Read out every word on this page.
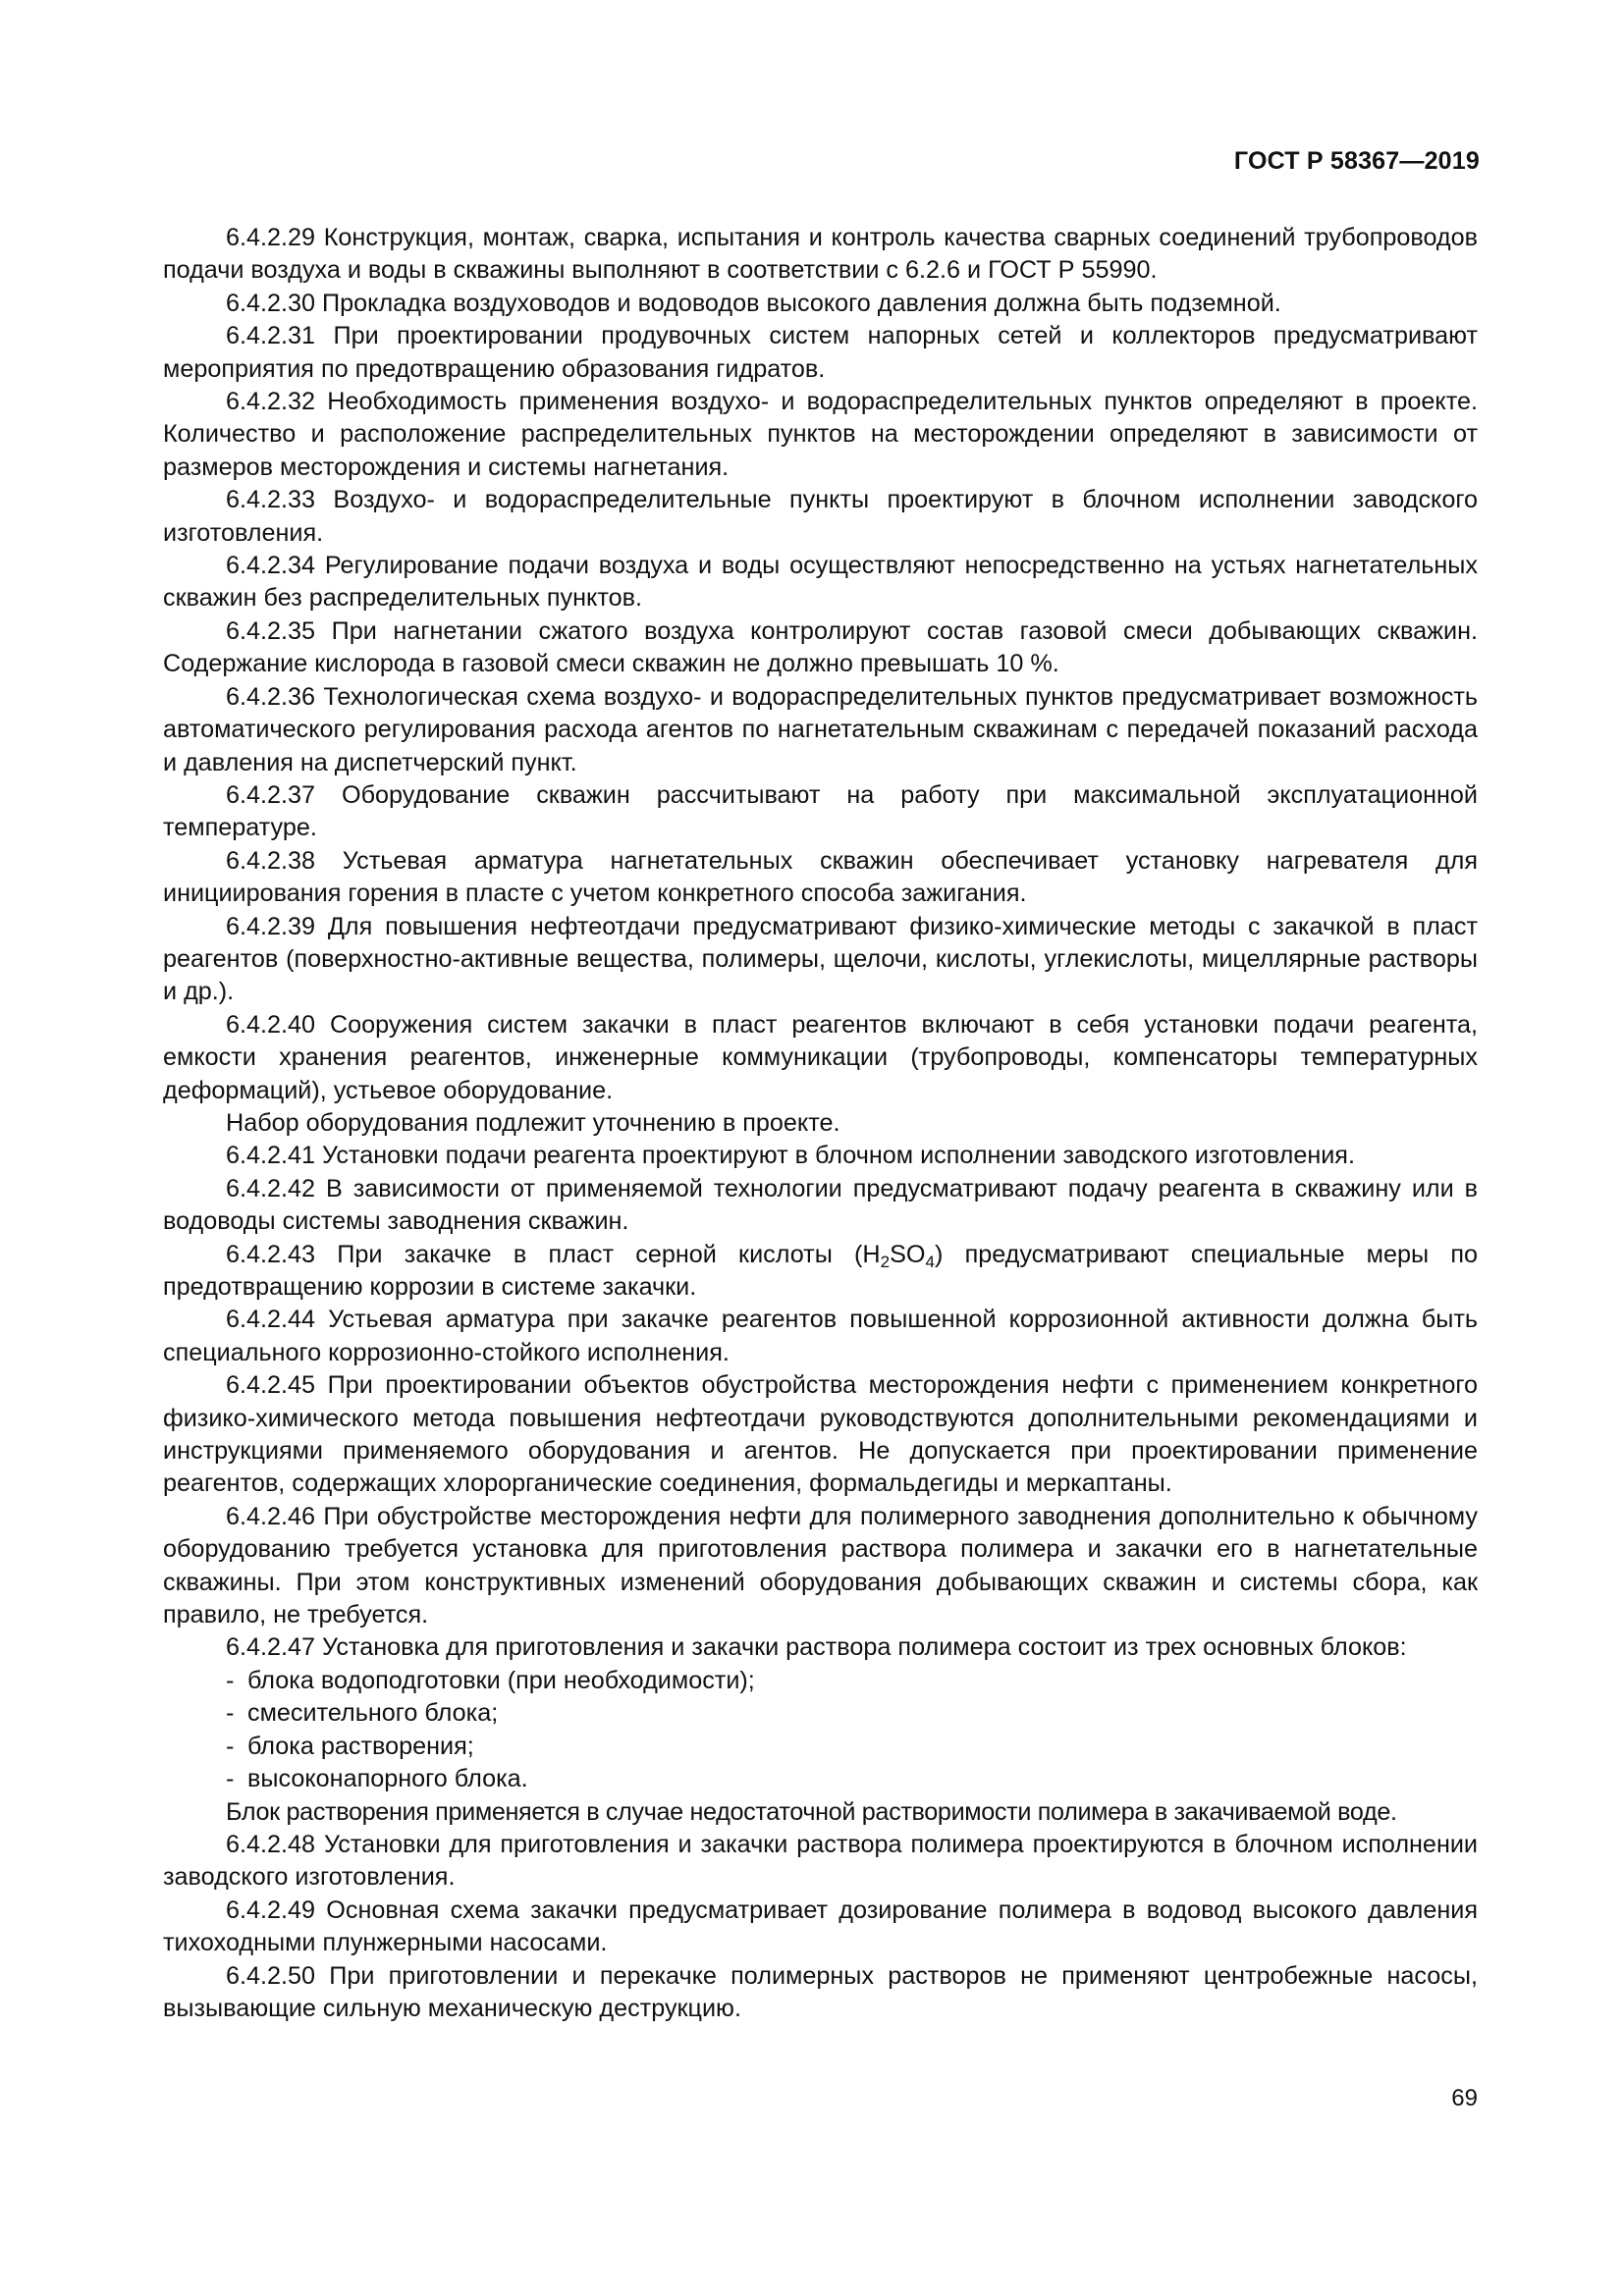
ГОСТ Р 58367—2019

6.4.2.29 Конструкция, монтаж, сварка, испытания и контроль качества сварных соединений трубопроводов подачи воздуха и воды в скважины выполняют в соответствии с 6.2.6 и ГОСТ Р 55990.

6.4.2.30 Прокладка воздуховодов и водоводов высокого давления должна быть подземной.

6.4.2.31 При проектировании продувочных систем напорных сетей и коллекторов предусматривают мероприятия по предотвращению образования гидратов.

6.4.2.32 Необходимость применения воздухо- и водораспределительных пунктов определяют в проекте. Количество и расположение распределительных пунктов на месторождении определяют в зависимости от размеров месторождения и системы нагнетания.

6.4.2.33 Воздухо- и водораспределительные пункты проектируют в блочном исполнении заводского изготовления.

6.4.2.34 Регулирование подачи воздуха и воды осуществляют непосредственно на устьях нагнетательных скважин без распределительных пунктов.

6.4.2.35 При нагнетании сжатого воздуха контролируют состав газовой смеси добывающих скважин. Содержание кислорода в газовой смеси скважин не должно превышать 10 %.

6.4.2.36 Технологическая схема воздухо- и водораспределительных пунктов предусматривает возможность автоматического регулирования расхода агентов по нагнетательным скважинам с передачей показаний расхода и давления на диспетчерский пункт.

6.4.2.37 Оборудование скважин рассчитывают на работу при максимальной эксплуатационной температуре.

6.4.2.38 Устьевая арматура нагнетательных скважин обеспечивает установку нагревателя для инициирования горения в пласте с учетом конкретного способа зажигания.

6.4.2.39 Для повышения нефтеотдачи предусматривают физико-химические методы с закачкой в пласт реагентов (поверхностно-активные вещества, полимеры, щелочи, кислоты, углекислоты, мицеллярные растворы и др.).

6.4.2.40 Сооружения систем закачки в пласт реагентов включают в себя установки подачи реагента, емкости хранения реагентов, инженерные коммуникации (трубопроводы, компенсаторы температурных деформаций), устьевое оборудование.

Набор оборудования подлежит уточнению в проекте.

6.4.2.41 Установки подачи реагента проектируют в блочном исполнении заводского изготовления.

6.4.2.42 В зависимости от применяемой технологии предусматривают подачу реагента в скважину или в водоводы системы заводнения скважин.

6.4.2.43 При закачке в пласт серной кислоты $(H_2SO_4)$ предусматривают специальные меры по предотвращению коррозии в системе закачки.

6.4.2.44 Устьевая арматура при закачке реагентов повышенной коррозионной активности должна быть специального коррозионно-стойкого исполнения.

6.4.2.45 При проектировании объектов обустройства месторождения нефти с применением конкретного физико-химического метода повышения нефтеотдачи руководствуются дополнительными рекомендациями и инструкциями применяемого оборудования и агентов. Не допускается при проектировании применение реагентов, содержащих хлорорганические соединения, формальдегиды и меркаптаны.

6.4.2.46 При обустройстве месторождения нефти для полимерного заводнения дополнительно к обычному оборудованию требуется установка для приготовления раствора полимера и закачки его в нагнетательные скважины. При этом конструктивных изменений оборудования добывающих скважин и системы сбора, как правило, не требуется.

6.4.2.47 Установка для приготовления и закачки раствора полимера состоит из трех основных блоков:

- блока водоподготовки (при необходимости);

- смесительного блока;

- блока растворения;

- высоконапорного блока.

Блок растворения применяется в случае недостаточной растворимости полимера в закачиваемой воде.

6.4.2.48 Установки для приготовления и закачки раствора полимера проектируются в блочном исполнении заводского изготовления.

6.4.2.49 Основная схема закачки предусматривает дозирование полимера в водовод высокого давления тихоходными плунжерными насосами.

6.4.2.50 При приготовлении и перекачке полимерных растворов не применяют центробежные насосы, вызывающие сильную механическую деструкцию.

69
